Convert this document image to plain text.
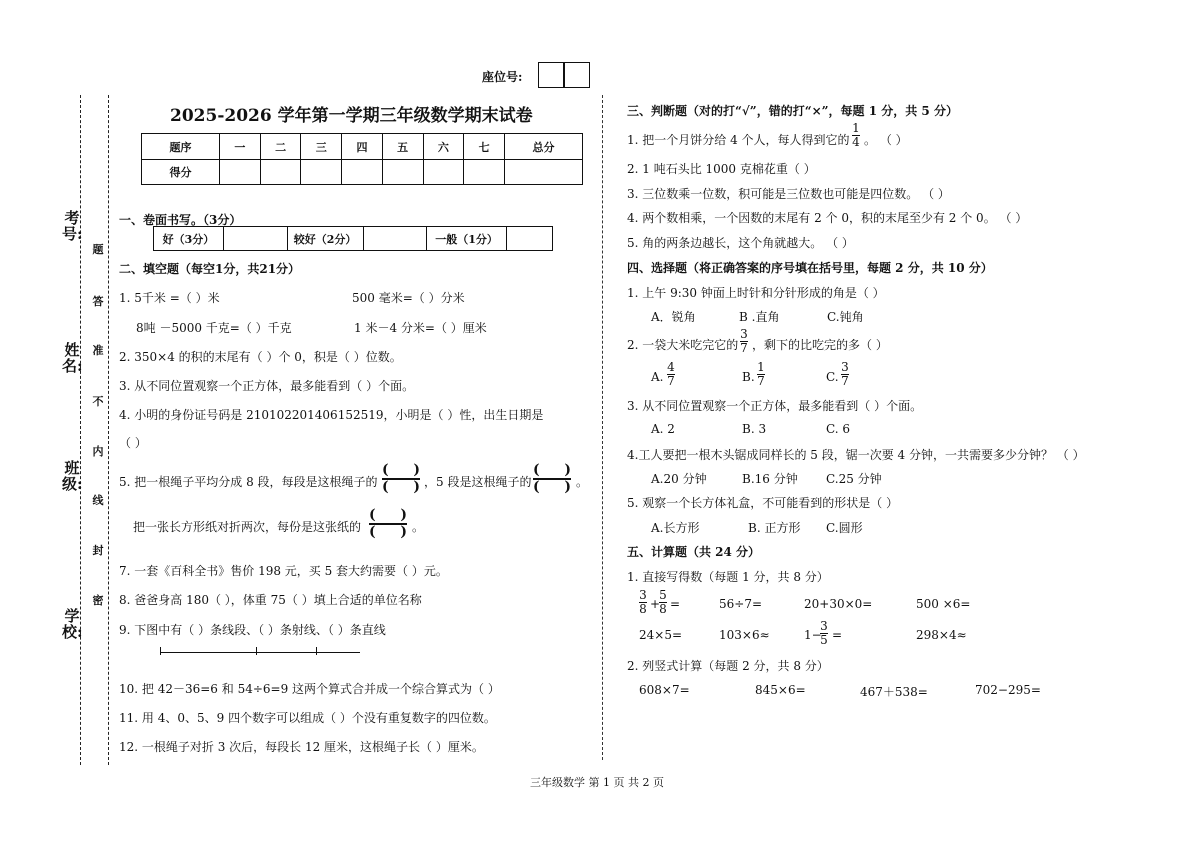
考号:
姓名:
班级:
学校:
题
答
准
不
内
线
封
密
座位号:
2025-2026 学年第一学期三年级数学期末试卷
题序	一	二	三	四	五	六	七	总分
得分								
一、卷面书写。（3分）
好（3分）		较好（2分）		一般（1分）	
二、填空题（每空1分，共21分）
1. 5千米 =（ ）米	500 毫米=（ ）分米
8吨 －5000 千克=（ ）千克	1 米－4 分米=（ ）厘米
2. 350×4 的积的末尾有（ ）个 0，积是（ ）位数。
3. 从不同位置观察一个正方体，最多能看到（ ）个面。
4. 小明的身份证号码是 210102201406152519，小明是（ ）性，出生日期是
（ ）
5. 把一根绳子平均分成 8 段，每段是这根绳子的
( )
( ) ，5 段是这根绳子的
( )
( ) 。
把一张长方形纸对折两次，每份是这张纸的
( )
( ) 。
7. 一套《百科全书》售价 198 元，买 5 套大约需要（ ）元。
8. 爸爸身高 180（ ），体重 75（ ）填上合适的单位名称
9. 下图中有（ ）条线段、（ ）条射线、（ ）条直线
10. 把 42－36=6 和 54÷6=9 这两个算式合并成一个综合算式为（ ）
11. 用 4、0、5、9 四个数字可以组成（ ）个没有重复数字的四位数。
12. 一根绳子对折 3 次后，每段长 12 厘米，这根绳子长（ ）厘米。
三、判断题（对的打“√”，错的打“×”，每题 1 分，共 5 分）
1. 把一个月饼分给 4 个人，每人得到它的
1
4 。 （ ）
2. 1 吨石头比 1000 克棉花重（ ）
3. 三位数乘一位数，积可能是三位数也可能是四位数。 （ ）
4. 两个数相乘，一个因数的末尾有 2 个 0，积的末尾至少有 2 个 0。 （ ）
5. 角的两条边越长，这个角就越大。 （ ）
四、选择题（将正确答案的序号填在括号里，每题 2 分，共 10 分）
1. 上午 9:30 钟面上时针和分针形成的角是（ ）
A．锐角	B .直角	C.钝角
2. 一袋大米吃完它的
3
7 ，剩下的比吃完的多（ ）
A.
4
7	B.
1
7	C.
3
7
3. 从不同位置观察一个正方体，最多能看到（ ）个面。
A. 2	B. 3	C. 6
4.工人要把一根木头锯成同样长的 5 段，锯一次要 4 分钟，一共需要多少分钟？ （ ）
A.20 分钟	B.16 分钟 C.25 分钟
5. 观察一个长方体礼盒，不可能看到的形状是（ ）
A.长方形	B. 正方形 C.圆形
五、计算题（共 24 分）
1. 直接写得数（每题 1 分，共 8 分）
3
8 +
5
8 =	56÷7=	20+30×0=	500 ×6=
24×5=	103×6≈	1−
3
5 =	298×4≈
2. 列竖式计算（每题 2 分，共 8 分）
608×7=	845×6=	467＋538=	702−295=
三年级数学 第 1 页 共 2 页
